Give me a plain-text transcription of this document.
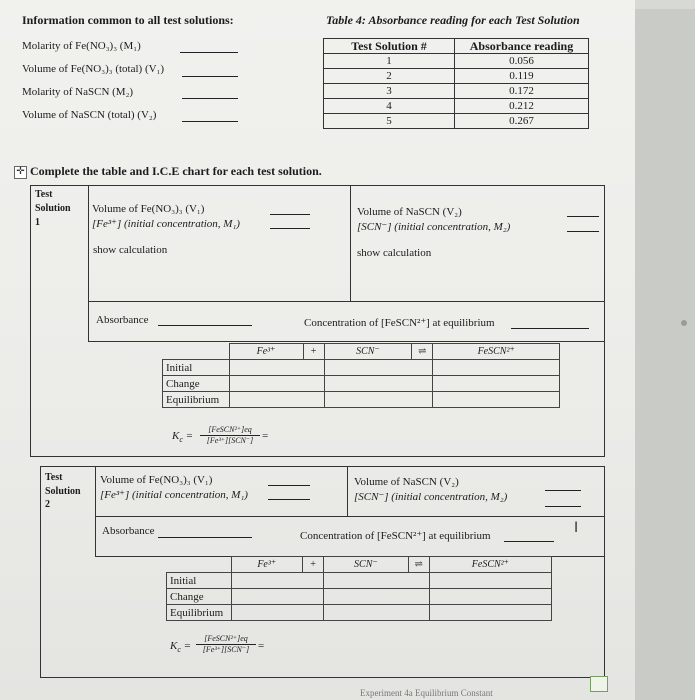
Information common to all test solutions:
Molarity of Fe(NO₃)₃ (M₁)
Volume of Fe(NO₃)₃ (total) (V₁)
Molarity of NaSCN (M₂)
Volume of NaSCN (total) (V₂)
Table 4: Absorbance reading for each Test Solution
Test Solution #	Absorbance reading
1	0.056
2	0.119
3	0.172
4	0.212
5	0.267
✛ Complete the table and I.C.E chart for each test solution.
Test
Solution
1
Volume of Fe(NO₃)₃ (V₁)
[Fe³⁺] (initial concentration, M₁)
Volume of NaSCN (V₂)
[SCN⁻] (initial concentration, M₂)
show calculation	show calculation
Absorbance	Concentration of [FeSCN²⁺] at equilibrium
	Fe³⁺	+	SCN⁻	⇌	FeSCN²⁺
Initial					
Change					
Equilibrium					
$K_c$ =
[FeSCN²⁺]eq
[Fe³⁺][SCN⁻] =
Test
Solution
2
Volume of Fe(NO₃)₃ (V₁)
[Fe³⁺] (initial concentration, M₁)
Volume of NaSCN (V₂)
[SCN⁻] (initial concentration, M₂)
Absorbance	Concentration of [FeSCN²⁺] at equilibrium	I
	Fe³⁺	+	SCN⁻	⇌	FeSCN²⁺
Initial					
Change					
Equilibrium					
$K_c$ =
[FeSCN²⁺]eq
[Fe³⁺][SCN⁻] =
Experiment 4a Equilibrium Constant
